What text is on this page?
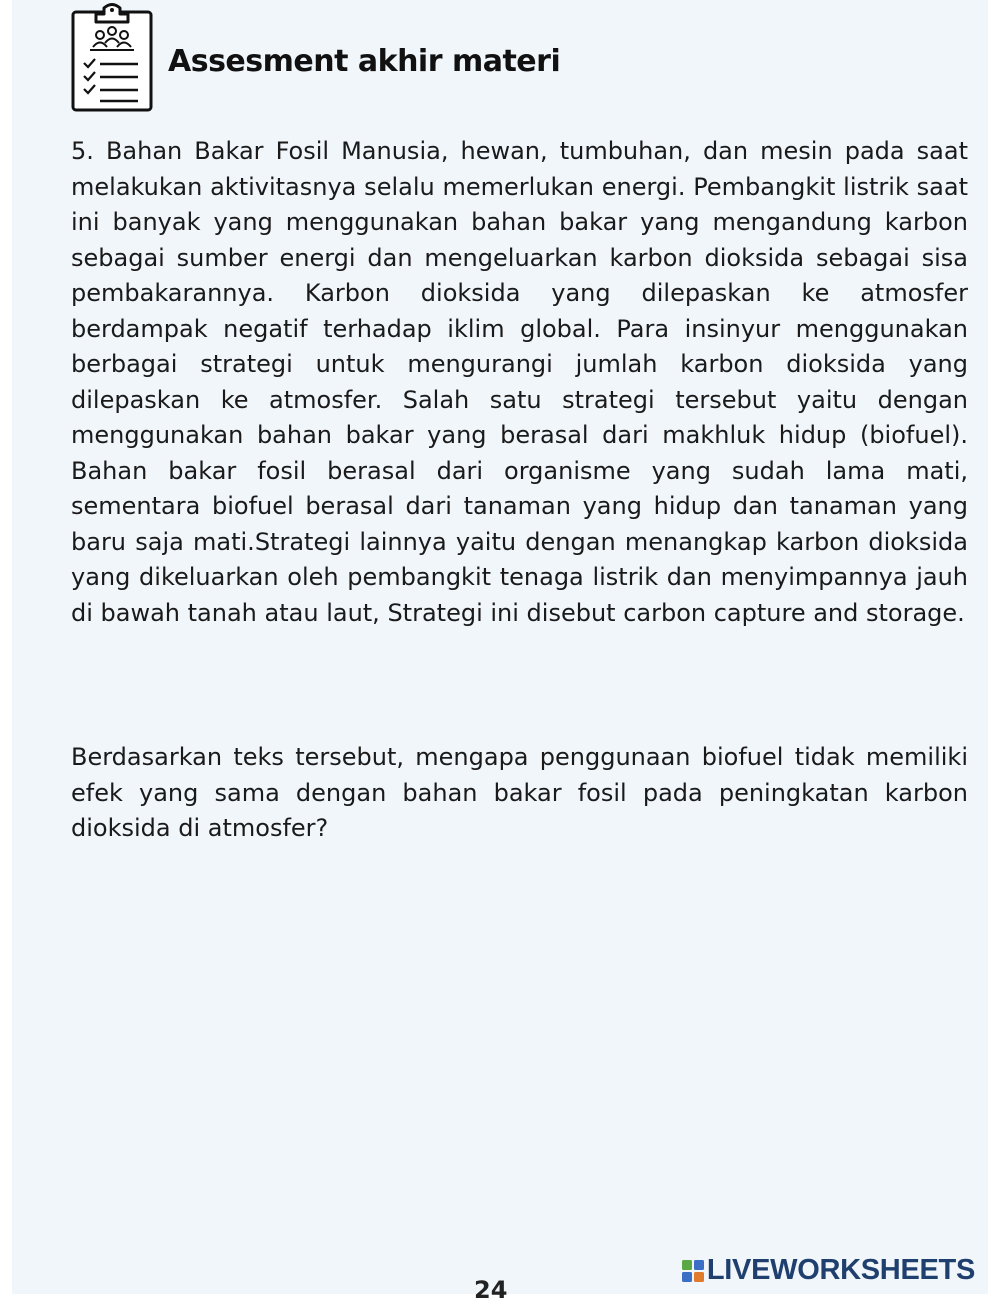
Assesment akhir materi

5. Bahan Bakar Fosil Manusia, hewan, tumbuhan, dan mesin pada saat melakukan aktivitasnya selalu memerlukan energi. Pembangkit listrik saat ini banyak yang menggunakan bahan bakar yang mengandung karbon sebagai sumber energi dan mengeluarkan karbon dioksida sebagai sisa pembakarannya. Karbon dioksida yang dilepaskan ke atmosfer berdampak negatif terhadap iklim global. Para insinyur menggunakan berbagai strategi untuk mengurangi jumlah karbon dioksida yang dilepaskan ke atmosfer. Salah satu strategi tersebut yaitu dengan menggunakan bahan bakar yang berasal dari makhluk hidup (biofuel). Bahan bakar fosil berasal dari organisme yang sudah lama mati, sementara biofuel berasal dari tanaman yang hidup dan tanaman yang baru saja mati.Strategi lainnya yaitu dengan menangkap karbon dioksida yang dikeluarkan oleh pembangkit tenaga listrik dan menyimpannya jauh di bawah tanah atau laut, Strategi ini disebut carbon capture and storage.

Berdasarkan teks tersebut, mengapa penggunaan biofuel tidak memiliki efek yang sama dengan bahan bakar fosil pada peningkatan karbon dioksida di atmosfer?

24
LIVEWORKSHEETS
